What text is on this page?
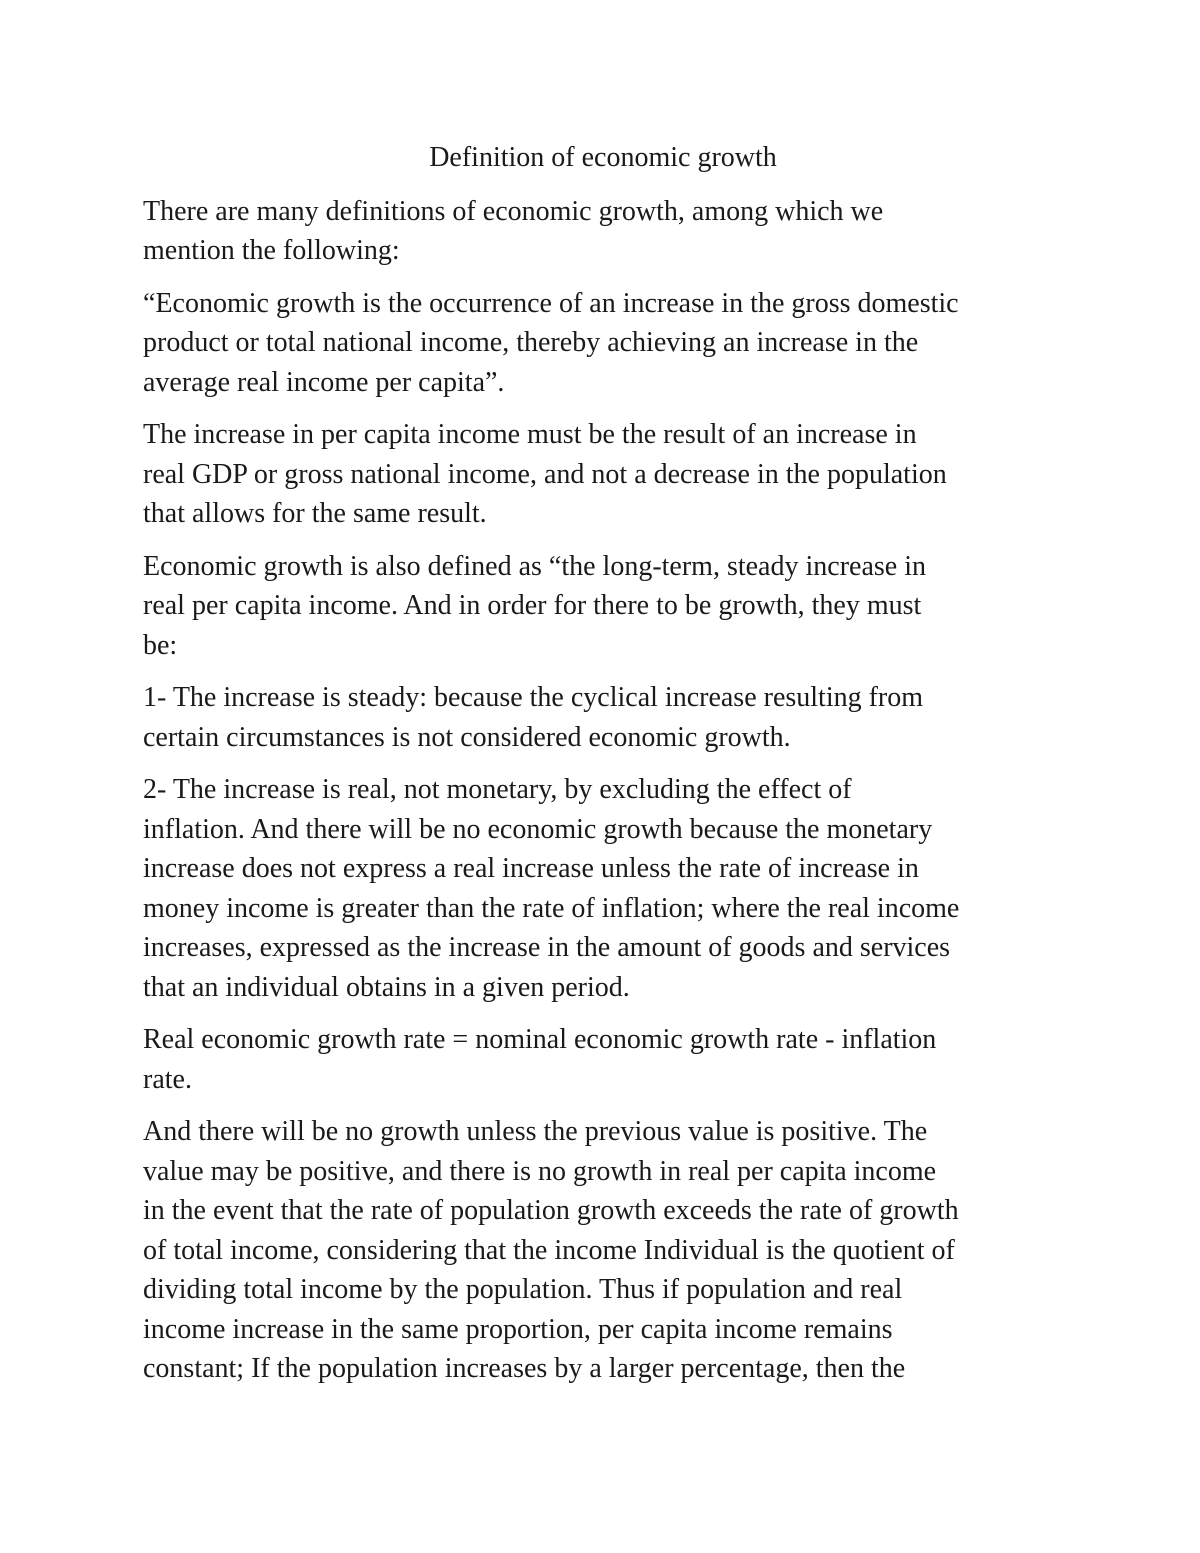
Definition of economic growth

There are many definitions of economic growth, among which we
mention the following:

“Economic growth is the occurrence of an increase in the gross domestic
product or total national income, thereby achieving an increase in the
average real income per capita”.

The increase in per capita income must be the result of an increase in
real GDP or gross national income, and not a decrease in the population
that allows for the same result.

Economic growth is also defined as “the long-term, steady increase in
real per capita income. And in order for there to be growth, they must
be:

1- The increase is steady: because the cyclical increase resulting from
certain circumstances is not considered economic growth.

2- The increase is real, not monetary, by excluding the effect of
inflation. And there will be no economic growth because the monetary
increase does not express a real increase unless the rate of increase in
money income is greater than the rate of inflation; where the real income
increases, expressed as the increase in the amount of goods and services
that an individual obtains in a given period.

Real economic growth rate = nominal economic growth rate - inflation
rate.

And there will be no growth unless the previous value is positive. The
value may be positive, and there is no growth in real per capita income
in the event that the rate of population growth exceeds the rate of growth
of total income, considering that the income Individual is the quotient of
dividing total income by the population. Thus if population and real
income increase in the same proportion, per capita income remains
constant; If the population increases by a larger percentage, then the
